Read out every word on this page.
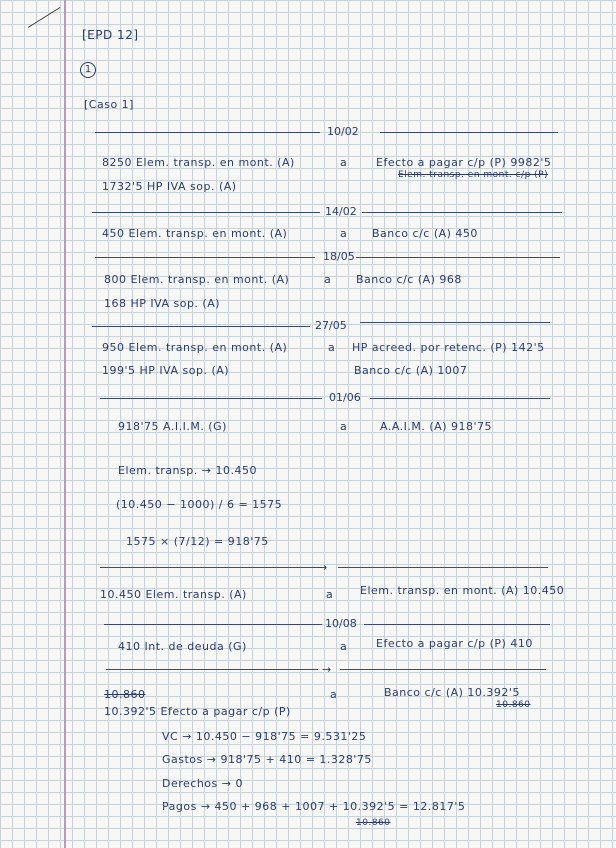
[EPD 12]
1
[Caso 1]
10/02
8250 Elem. transp. en mont. (A)
1732'5 HP IVA sop. (A)
a	Efecto a pagar c/p (P) 9982'5
Elem. transp. en mont. c/p (P)
14/02
450 Elem. transp. en mont. (A)	a Banco c/c (A) 450
18/05
800 Elem. transp. en mont. (A)
168 HP IVA sop. (A)
a Banco c/c (A) 968
27/05
950 Elem. transp. en mont. (A)
199'5 HP IVA sop. (A)
a HP acreed. por retenc. (P) 142'5
Banco c/c (A) 1007
01/06
918'75 A.I.I.M. (G)	a	A.A.I.M. (A) 918'75
Elem. transp. → 10.450
(10.450 − 1000) / 6 = 1575
1575 × (7/12) = 918'75
→
10.450 Elem. transp. (A)	a Elem. transp. en mont. (A) 10.450
10/08
410 Int. de deuda (G)	a	Efecto a pagar c/p (P) 410
→
10.860
10.392'5 Efecto a pagar c/p (P)
a	Banco c/c (A) 10.392'5
10.860
VC → 10.450 − 918'75 = 9.531'25
Gastos → 918'75 + 410 = 1.328'75
Derechos → 0
Pagos → 450 + 968 + 1007 + 10.392'5 = 12.817'5
10.860
